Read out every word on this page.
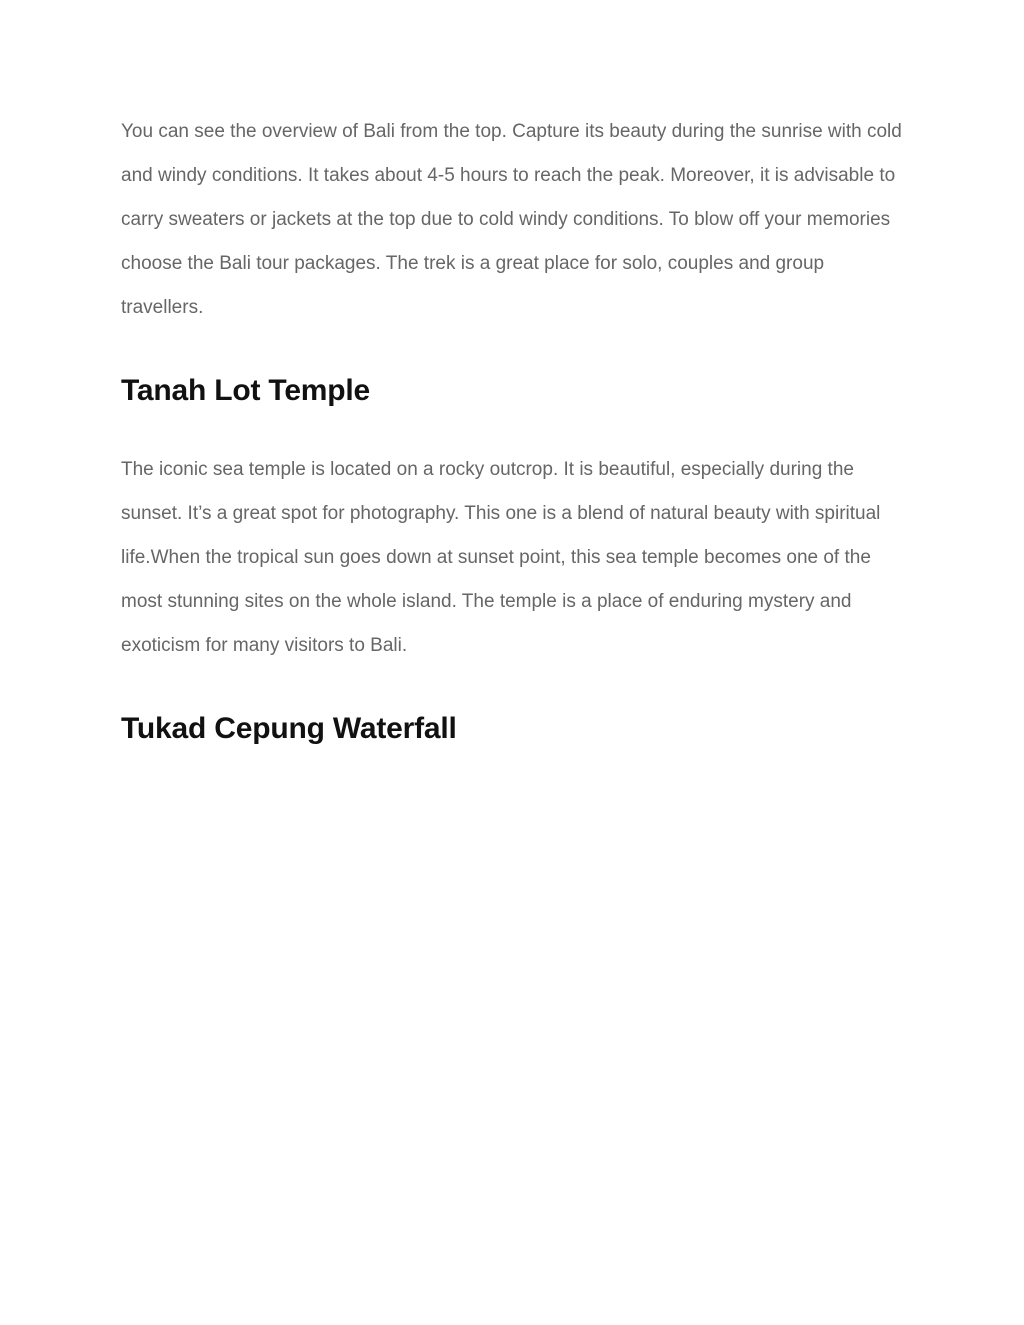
You can see the overview of Bali from the top. Capture its beauty during the sunrise with cold and windy conditions. It takes about 4-5 hours to reach the peak. Moreover, it is advisable to carry sweaters or jackets at the top due to cold windy conditions. To blow off your memories choose the Bali tour packages. The trek is a great place for solo, couples and group travellers.

Tanah Lot Temple

The iconic sea temple is located on a rocky outcrop. It is beautiful, especially during the sunset. It’s a great spot for photography. This one is a blend of natural beauty with spiritual life.When the tropical sun goes down at sunset point, this sea temple becomes one of the most stunning sites on the whole island. The temple is a place of enduring mystery and exoticism for many visitors to Bali.

Tukad Cepung Waterfall
